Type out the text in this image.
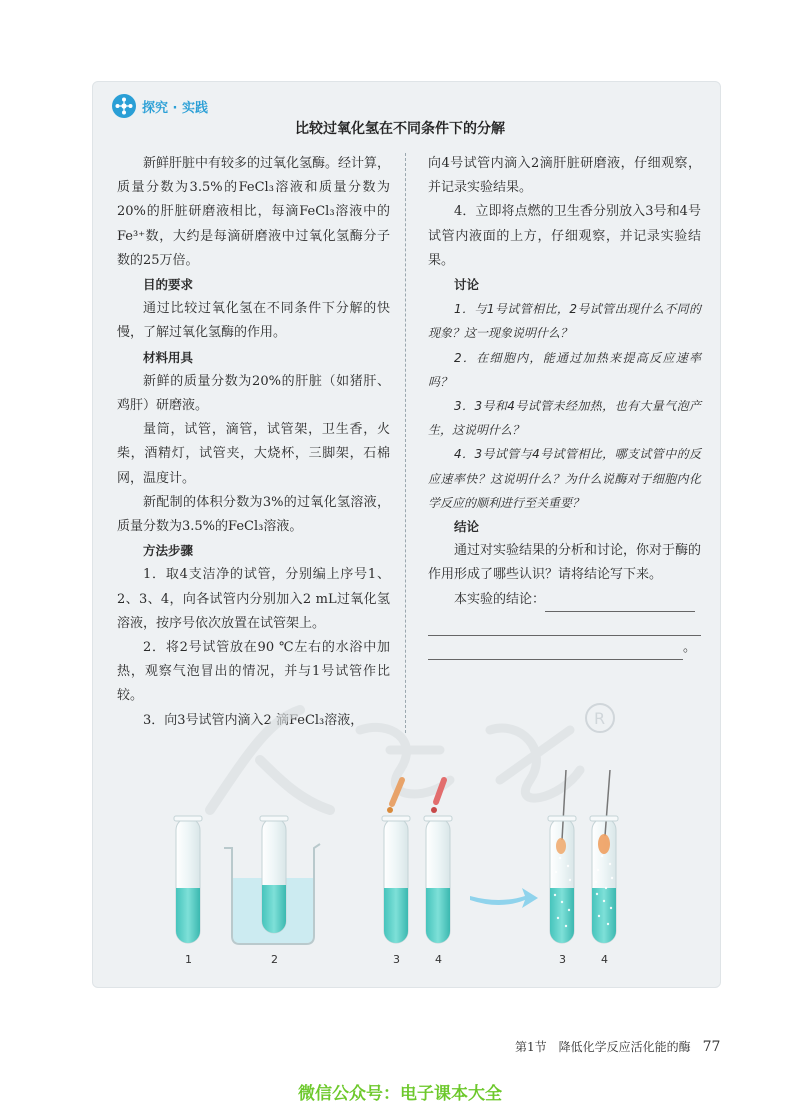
探究 · 实践
比较过氧化氢在不同条件下的分解

新鲜肝脏中有较多的过氧化氢酶。经计算，质量分数为3.5%的FeCl₃溶液和质量分数为20%的肝脏研磨液相比，每滴FeCl₃溶液中的Fe³⁺数，大约是每滴研磨液中过氧化氢酶分子数的25万倍。

目的要求

通过比较过氧化氢在不同条件下分解的快慢，了解过氧化氢酶的作用。

材料用具

新鲜的质量分数为20%的肝脏（如猪肝、鸡肝）研磨液。

量筒，试管，滴管，试管架，卫生香，火柴，酒精灯，试管夹，大烧杯，三脚架，石棉网，温度计。

新配制的体积分数为3%的过氧化氢溶液，质量分数为3.5%的FeCl₃溶液。

方法步骤

1．取4支洁净的试管，分别编上序号1、2、3、4，向各试管内分别加入2 mL过氧化氢溶液，按序号依次放置在试管架上。

2．将2号试管放在90 ℃左右的水浴中加热，观察气泡冒出的情况，并与1号试管作比较。

3．向3号试管内滴入2 滴FeCl₃溶液，

向4号试管内滴入2滴肝脏研磨液，仔细观察，并记录实验结果。

4．立即将点燃的卫生香分别放入3号和4号试管内液面的上方，仔细观察，并记录实验结果。

讨论

1．与1号试管相比，2号试管出现什么不同的现象？这一现象说明什么？

2．在细胞内，能通过加热来提高反应速率吗？

3．3号和4号试管未经加热，也有大量气泡产生，这说明什么？

4．3号试管与4号试管相比，哪支试管中的反应速率快？这说明什么？为什么说酶对于细胞内化学反应的顺利进行至关重要？

结论

通过对实验结果的分析和讨论，你对于酶的作用形成了哪些认识？请将结论写下来。

本实验的结论：

。
R
1	2	3	4	3	4
第1节　降低化学反应活化能的酶 77
微信公众号：电子课本大全
